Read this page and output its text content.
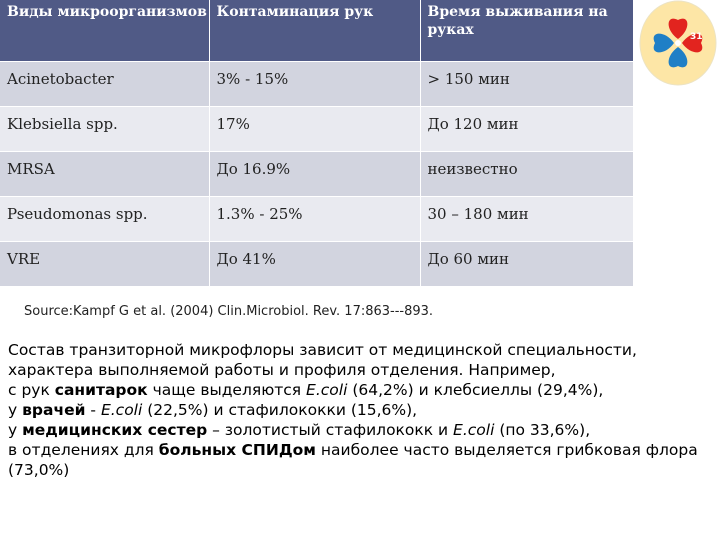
Виды микроорганизмов	Контаминация рук	Время выживания на руках
Acinetobacter	3% - 15%	> 150 мин
Klebsiella spp.	17%	До 120 мин
MRSA	До 16.9%	неизвестно
Pseudomonas spp.	1.3% - 25%	30 – 180 мин
VRE	До 41%	До 60 мин
31
Source:Kampf G et al. (2004) Clin.Microbiol. Rev. 17:863---893.

Состав транзиторной микрофлоры зависит от медицинской специальности, характера выполняемой работы и профиля отделения. Например,

с рук санитарок чаще выделяются E.coli (64,2%) и клебсиеллы (29,4%),

у врачей - E.coli (22,5%) и стафилококки (15,6%),

у медицинских сестер – золотистый стафилококк и E.coli (по 33,6%),

в отделениях для больных СПИДом наиболее часто выделяется грибковая флора (73,0%)
